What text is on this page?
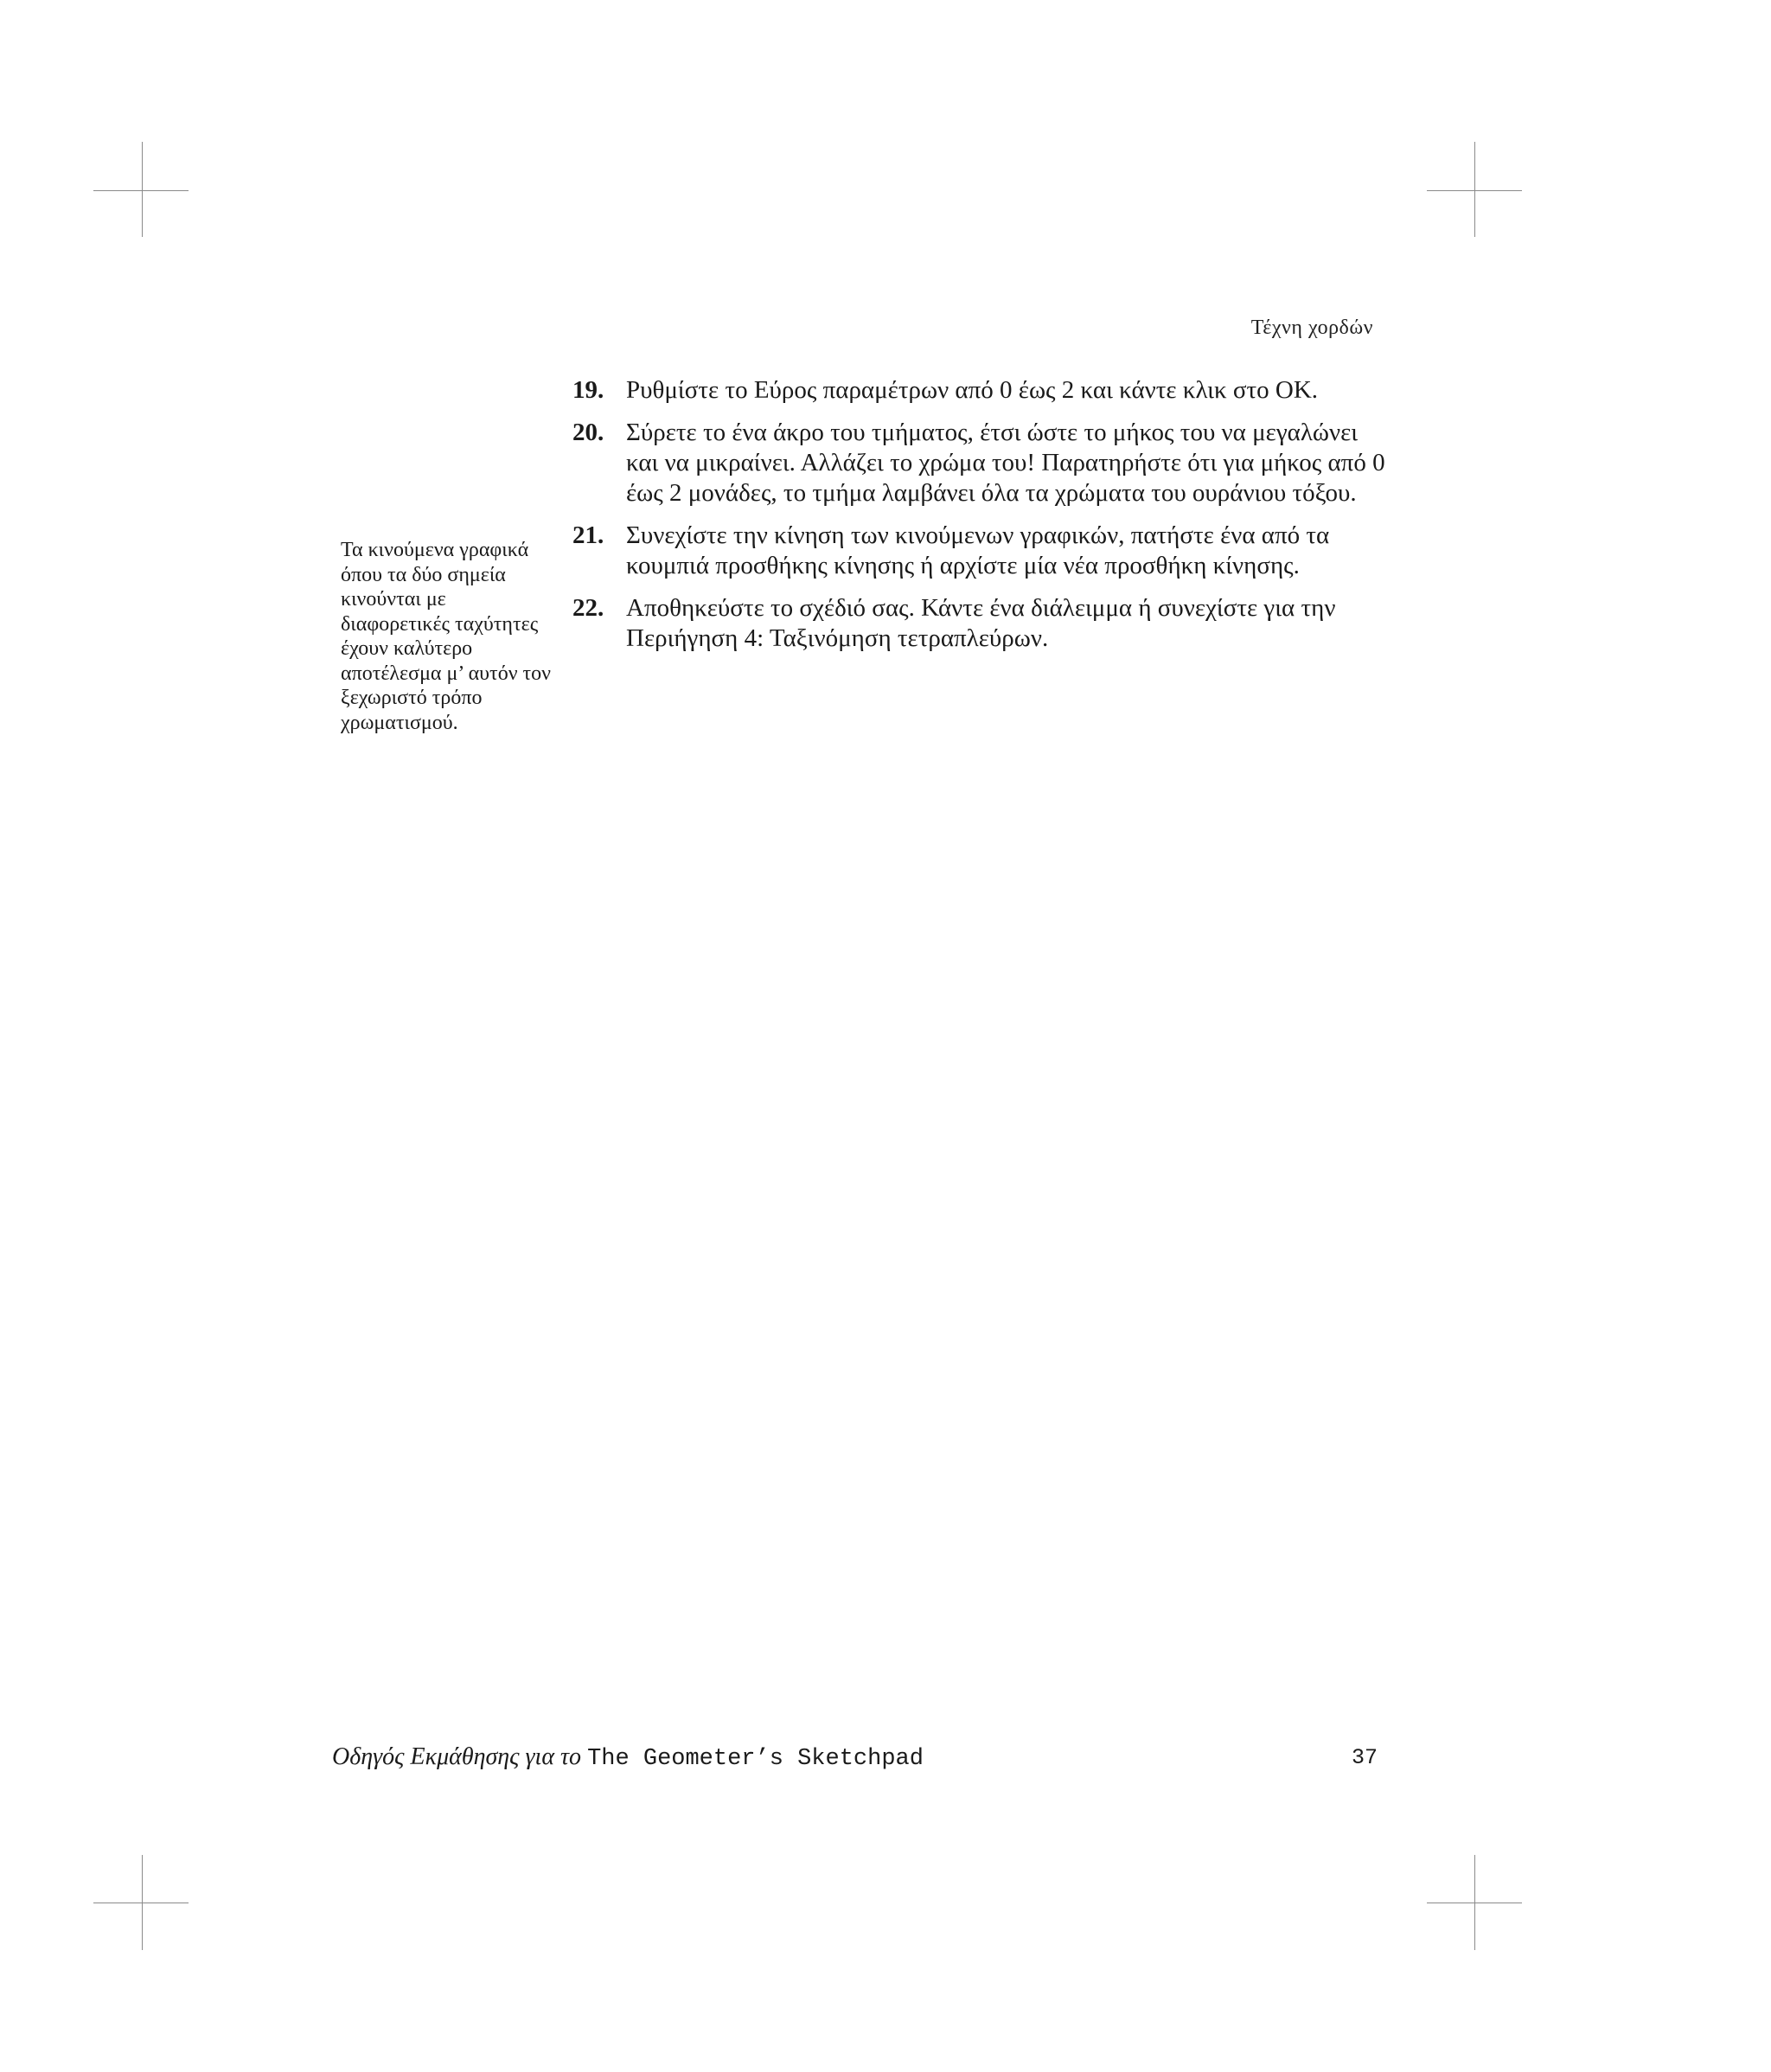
Τέχνη χορδών
19. Ρυθμίστε το Εύρος παραμέτρων από 0 έως 2 και κάντε κλικ στο ΟΚ.
20. Σύρετε το ένα άκρο του τμήματος, έτσι ώστε το μήκος του να μεγαλώνει και να μικραίνει. Αλλάζει το χρώμα του! Παρατηρήστε ότι για μήκος από 0 έως 2 μονάδες, το τμήμα λαμβάνει όλα τα χρώματα του ουράνιου τόξου.
21. Συνεχίστε την κίνηση των κινούμενων γραφικών, πατήστε ένα από τα κουμπιά προσθήκης κίνησης ή αρχίστε μία νέα προσθήκη κίνησης.
22. Αποθηκεύστε το σχέδιό σας. Κάντε ένα διάλειμμα ή συνεχίστε για την Περιήγηση 4: Ταξινόμηση τετραπλεύρων.
Τα κινούμενα γραφικά όπου τα δύο σημεία κινούνται με διαφορετικές ταχύτητες έχουν καλύτερο αποτέλεσμα μ’ αυτόν τον ξεχωριστό τρόπο χρωματισμού.
Οδηγός Εκμάθησης για το The Geometer’s Sketchpad	37
